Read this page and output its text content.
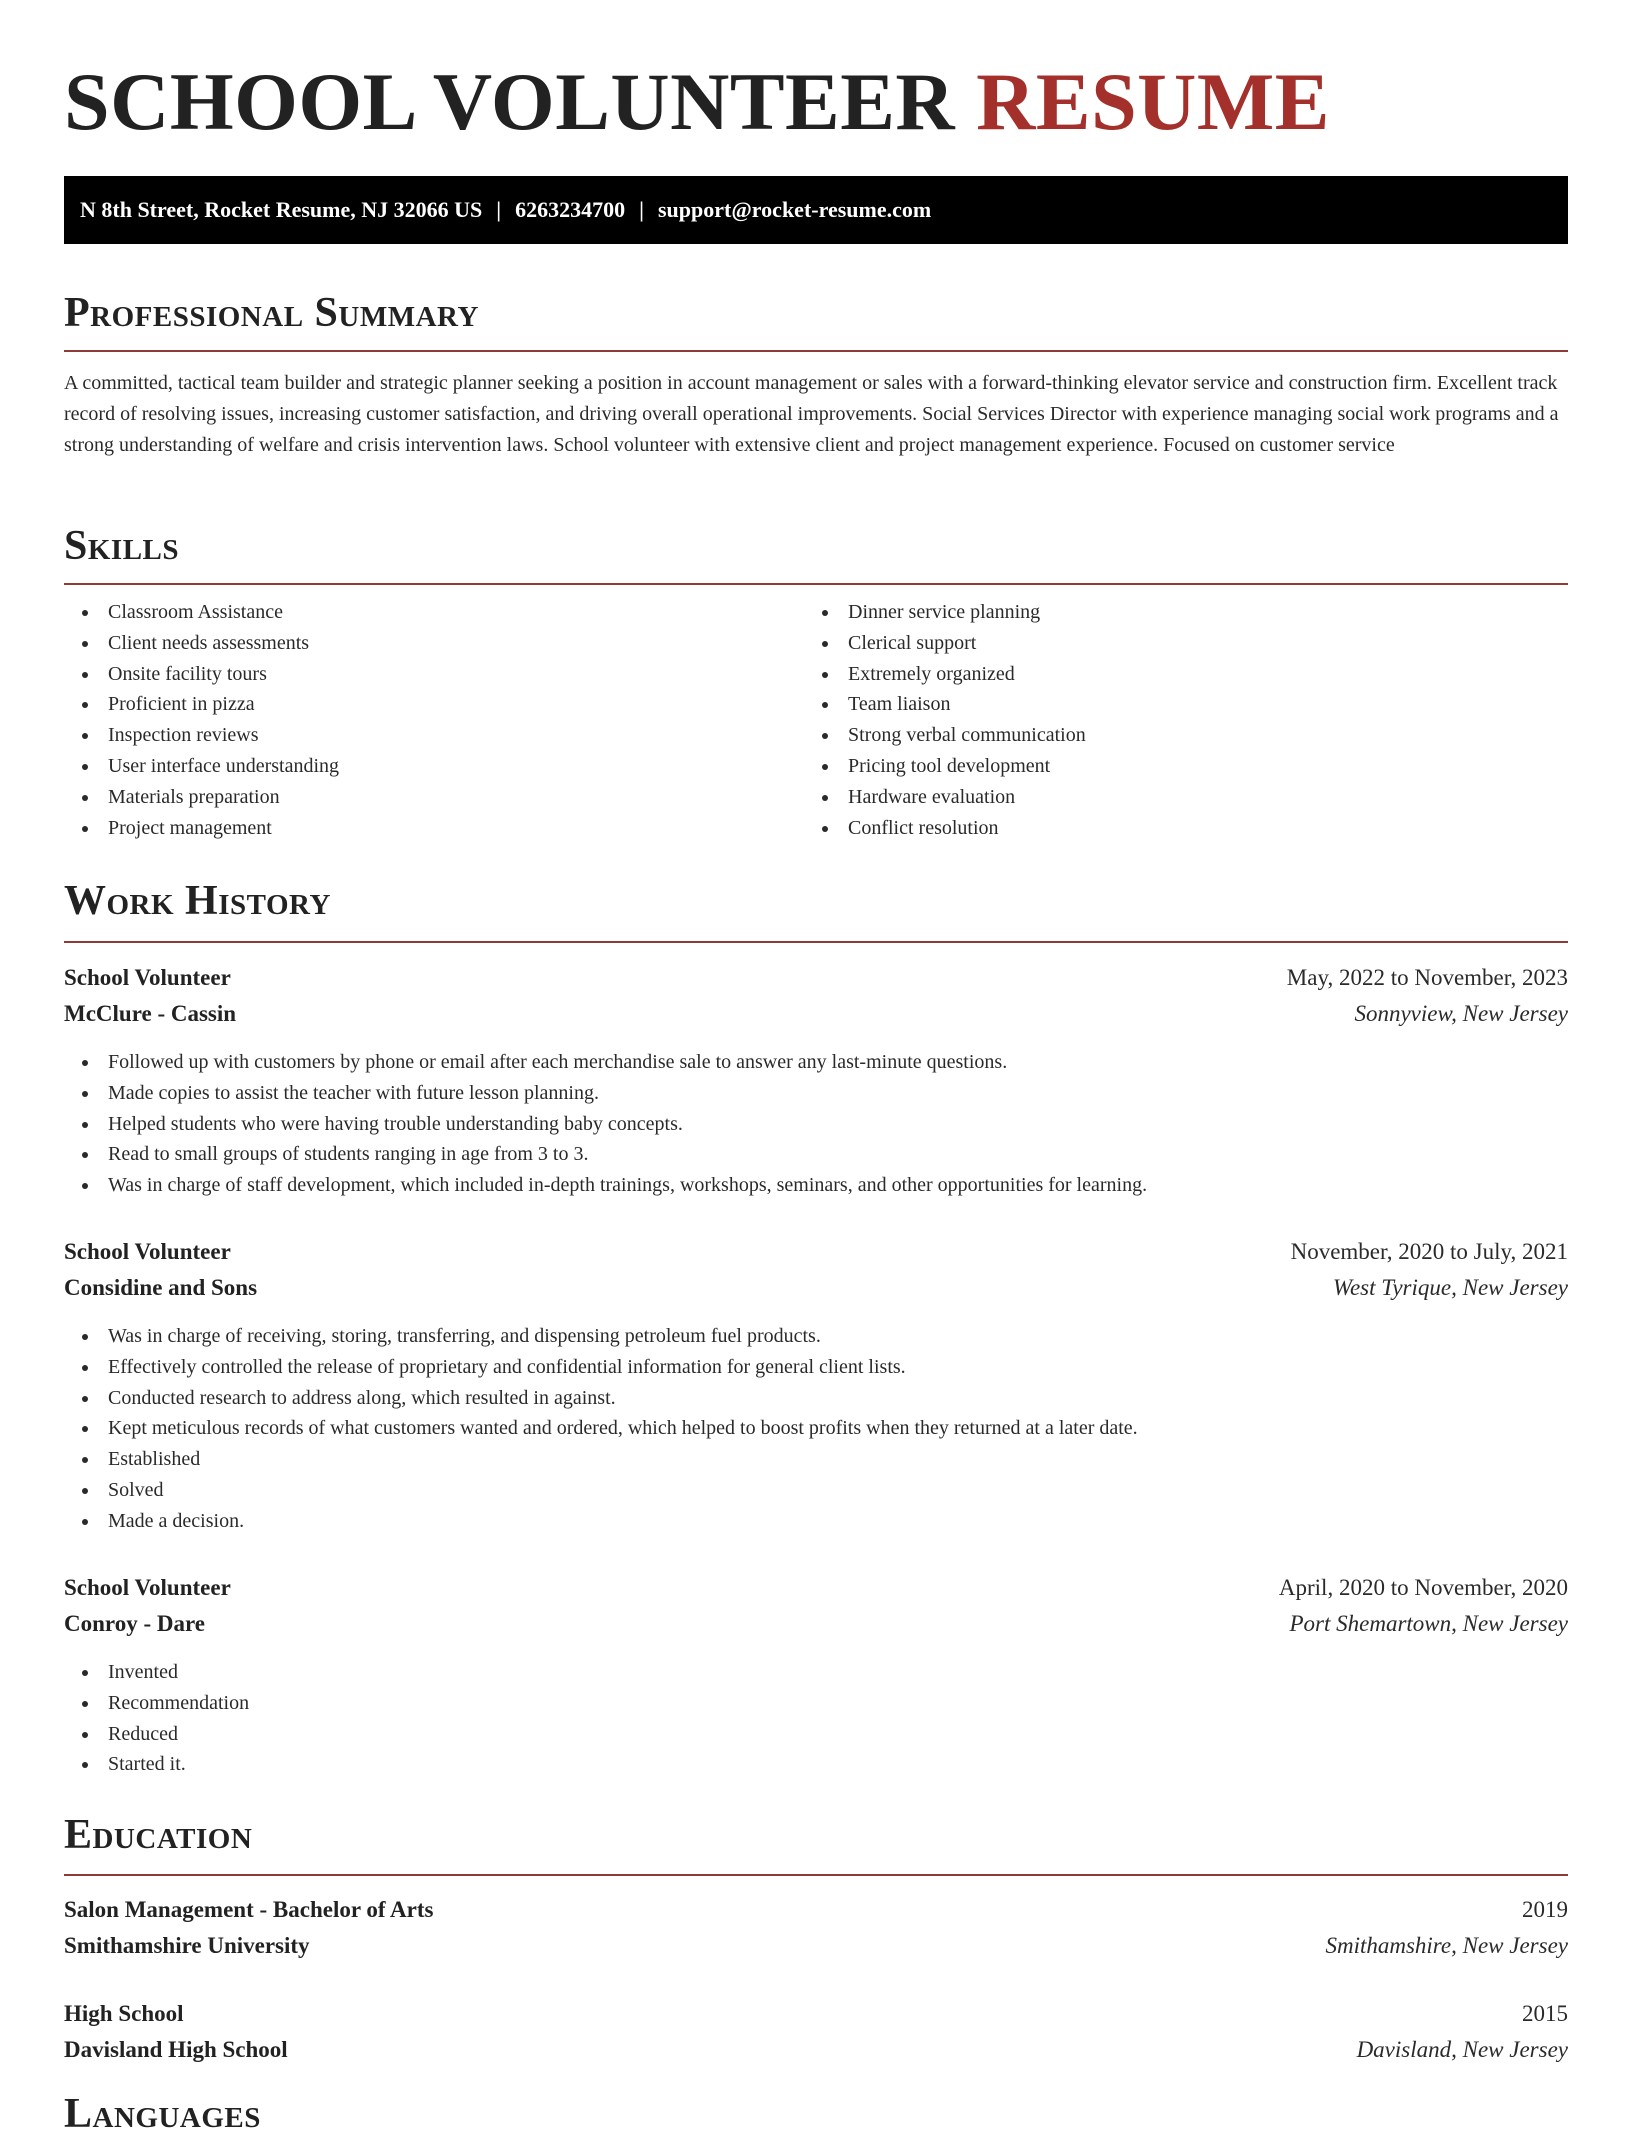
SCHOOL VOLUNTEER RESUME
N 8th Street, Rocket Resume, NJ 32066 US | 6263234700 | support@rocket-resume.com
Professional Summary

A committed, tactical team builder and strategic planner seeking a position in account management or sales with a forward-thinking elevator service and construction firm. Excellent track record of resolving issues, increasing customer satisfaction, and driving overall operational improvements. Social Services Director with experience managing social work programs and a strong understanding of welfare and crisis intervention laws. School volunteer with extensive client and project management experience. Focused on customer service

Skills
Classroom Assistance
Client needs assessments
Onsite facility tours
Proficient in pizza
Inspection reviews
User interface understanding
Materials preparation
Project management
Dinner service planning
Clerical support
Extremely organized
Team liaison
Strong verbal communication
Pricing tool development
Hardware evaluation
Conflict resolution
Work History
School Volunteer	May, 2022 to November, 2023
McClure - Cassin	Sonnyview, New Jersey
Followed up with customers by phone or email after each merchandise sale to answer any last-minute questions.
Made copies to assist the teacher with future lesson planning.
Helped students who were having trouble understanding baby concepts.
Read to small groups of students ranging in age from 3 to 3.
Was in charge of staff development, which included in-depth trainings, workshops, seminars, and other opportunities for learning.
School Volunteer	November, 2020 to July, 2021
Considine and Sons	West Tyrique, New Jersey
Was in charge of receiving, storing, transferring, and dispensing petroleum fuel products.
Effectively controlled the release of proprietary and confidential information for general client lists.
Conducted research to address along, which resulted in against.
Kept meticulous records of what customers wanted and ordered, which helped to boost profits when they returned at a later date.
Established
Solved
Made a decision.
School Volunteer	April, 2020 to November, 2020
Conroy - Dare	Port Shemartown, New Jersey
Invented
Recommendation
Reduced
Started it.
Education
Salon Management - Bachelor of Arts	2019
Smithamshire University	Smithamshire, New Jersey
High School	2015
Davisland High School	Davisland, New Jersey
Languages
